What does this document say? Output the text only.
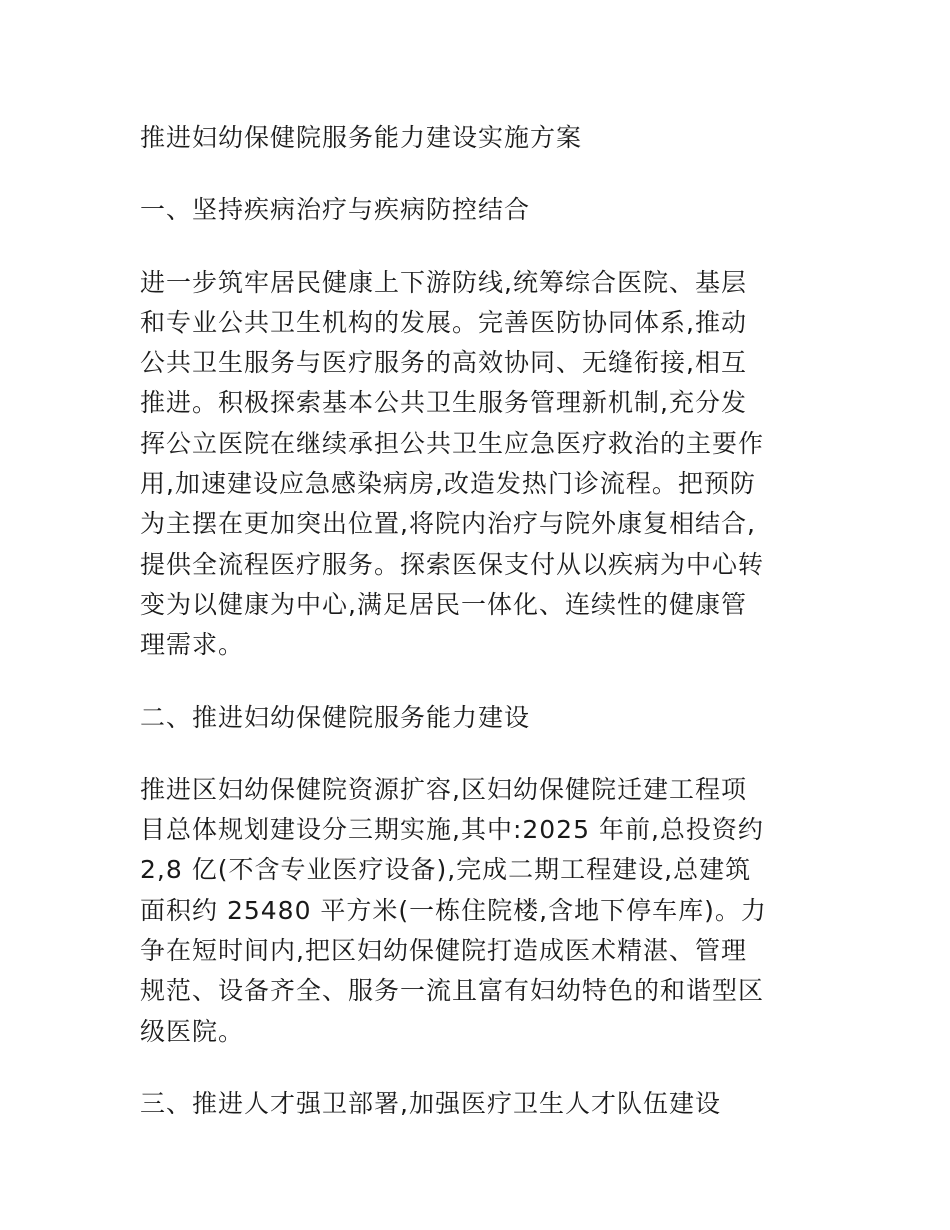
推进妇幼保健院服务能力建设实施方案
一、坚持疾病治疗与疾病防控结合
进一步筑牢居民健康上下游防线,统筹综合医院、基层
和专业公共卫生机构的发展。完善医防协同体系,推动
公共卫生服务与医疗服务的高效协同、无缝衔接,相互
推进。积极探索基本公共卫生服务管理新机制,充分发
挥公立医院在继续承担公共卫生应急医疗救治的主要作
用,加速建设应急感染病房,改造发热门诊流程。把预防
为主摆在更加突出位置,将院内治疗与院外康复相结合,
提供全流程医疗服务。探索医保支付从以疾病为中心转
变为以健康为中心,满足居民一体化、连续性的健康管
理需求。
二、推进妇幼保健院服务能力建设
推进区妇幼保健院资源扩容,区妇幼保健院迁建工程项
目总体规划建设分三期实施,其中:2025 年前,总投资约
2,8 亿(不含专业医疗设备),完成二期工程建设,总建筑
面积约 25480 平方米(一栋住院楼,含地下停车库)。力
争在短时间内,把区妇幼保健院打造成医术精湛、管理
规范、设备齐全、服务一流且富有妇幼特色的和谐型区
级医院。
三、推进人才强卫部署,加强医疗卫生人才队伍建设
